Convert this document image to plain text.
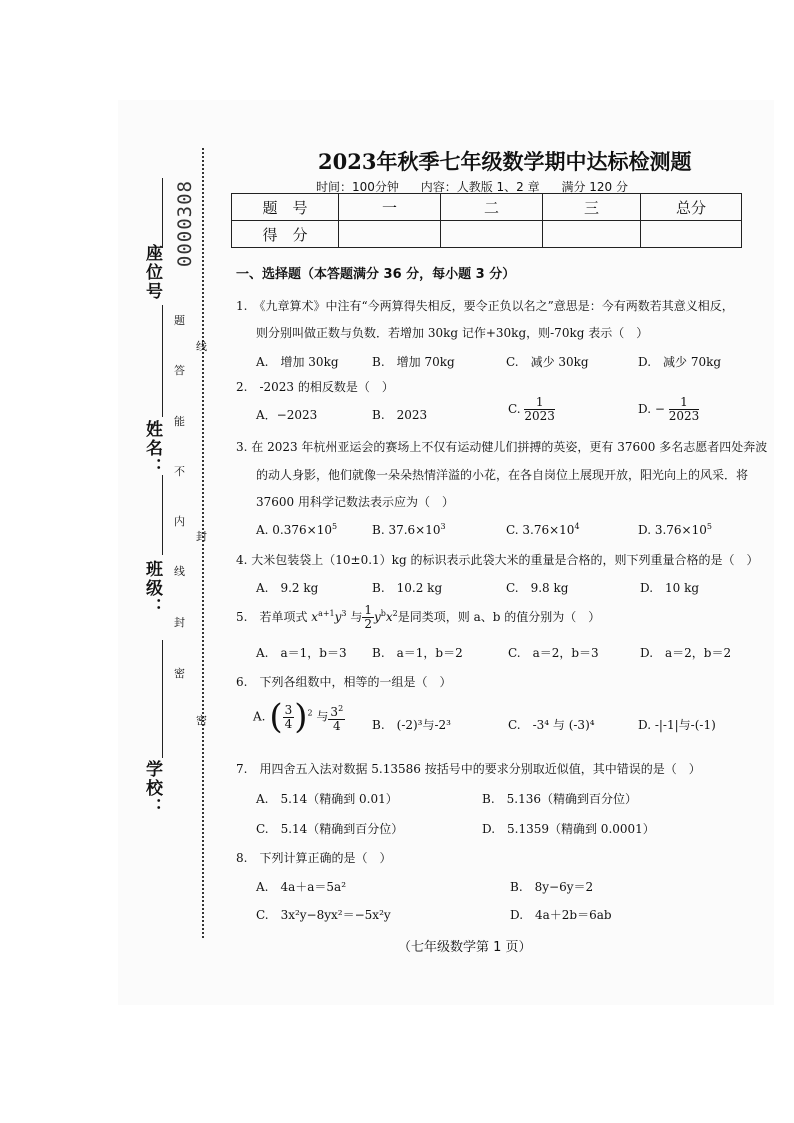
0000308
座位号
姓名：
班级：
学校：
题
答
能
不
内
线
封
密
线
封
密
2023年秋季七年级数学期中达标检测题
时间：100分钟 内容：人教版 1、2 章 满分 120 分
题　号	一	二	三	总分
得　分				
一、选择题（本答题满分 36 分，每小题 3 分）
1.　《九章算术》中注有“今两算得失相反，要令正负以名之”意思是：今有两数若其意义相反，
则分别叫做正数与负数．若增加 30kg 记作+30kg，则-70kg 表示（　）
A.　增加 30kg	B.　增加 70kg	C.　减少 30kg	D.　减少 70kg
2.　-2023 的相反数是（　）
A．−2023	B.　2023	C. $\frac{1}{2023}$	D. − $\frac{1}{2023}$
3. 在 2023 年杭州亚运会的赛场上不仅有运动健儿们拼搏的英姿，更有 37600 多名志愿者四处奔波
的动人身影，他们就像一朵朵热情洋溢的小花，在各自岗位上展现开放，阳光向上的风采．将
37600 用科学记数法表示应为（　）
A. $0.376\times 10^5$	B. $37.6\times 10^3$	C. $3.76\times 10^4$	D. $3.76\times 10^5$
4. 大米包装袋上（10±0.1）kg 的标识表示此袋大米的重量是合格的，则下列重量合格的是（　）
A.　9.2 kg	B.　10.2 kg	C.　9.8 kg	D.　10 kg
5.　若单项式 $x^{a+1}y^3$ 与 $\frac{1}{2} y^bx^2$是同类项，则 a、b 的值分别为（　）
A.　a＝1，b＝3 B.　a＝1，b＝2	C.　a＝2，b＝3	D.　a＝2，b＝2
6.　下列各组数中，相等的一组是（　）
A. ( $\frac{3}{4} )^2$ 与 $\frac{3^2}{4} B$.　(-2)³与-2³	C.　-3⁴ 与 (-3)⁴	D. -|-1|与-(-1)
7.　用四舍五入法对数据 5.13586 按括号中的要求分别取近似值，其中错误的是（　）
A.　5.14（精确到 0.01）	B.　5.136（精确到百分位）
C.　5.14（精确到百分位）	D.　5.1359（精确到 0.0001）
8.　下列计算正确的是（　）
A.　4a＋a＝5a²	B.　8y−6y＝2
C.　3x²y−8yx²＝−5x²y	D.　4a＋2b＝6ab
（七年级数学第 1 页）
